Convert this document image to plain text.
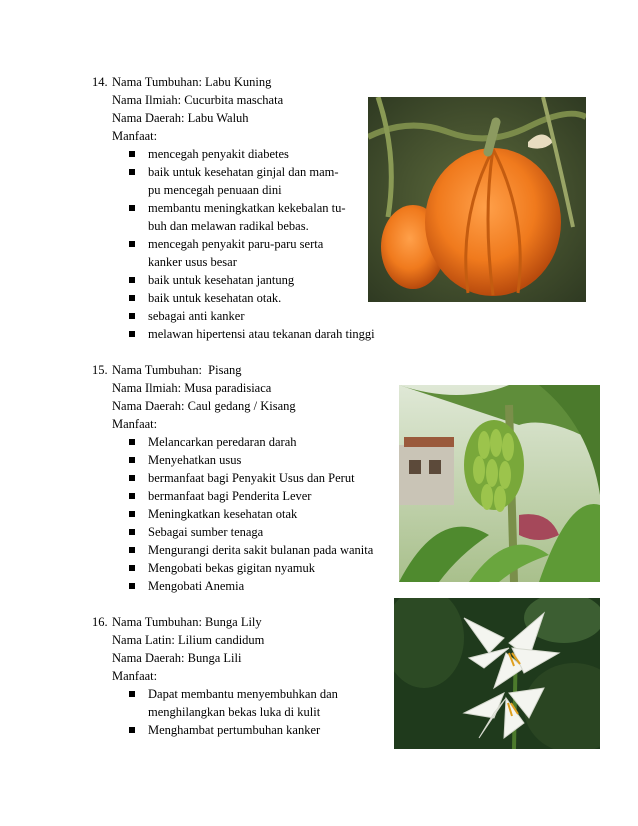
14. Nama Tumbuhan: Labu Kuning
Nama Ilmiah: Cucurbita maschata
Nama Daerah: Labu Waluh
Manfaat:
mencegah penyakit diabetes
baik untuk kesehatan ginjal dan mam-
pu mencegah penuaan dini
membantu meningkatkan kekebalan tu-
buh dan melawan radikal bebas.
mencegah penyakit paru-paru serta
kanker usus besar
baik untuk kesehatan jantung
baik untuk kesehatan otak.
sebagai anti kanker
melawan hipertensi atau tekanan darah tinggi
15. Nama Tumbuhan:  Pisang
Nama Ilmiah: Musa paradisiaca
Nama Daerah: Caul gedang / Kisang
Manfaat:
Melancarkan peredaran darah
Menyehatkan usus
bermanfaat bagi Penyakit Usus dan Perut
bermanfaat bagi Penderita Lever
Meningkatkan kesehatan otak
Sebagai sumber tenaga
Mengurangi derita sakit bulanan pada wanita
Mengobati bekas gigitan nyamuk
Mengobati Anemia
16. Nama Tumbuhan: Bunga Lily
Nama Latin: Lilium candidum
Nama Daerah: Bunga Lili
Manfaat:
Dapat membantu menyembuhkan dan
menghilangkan bekas luka di kulit
Menghambat pertumbuhan kanker
